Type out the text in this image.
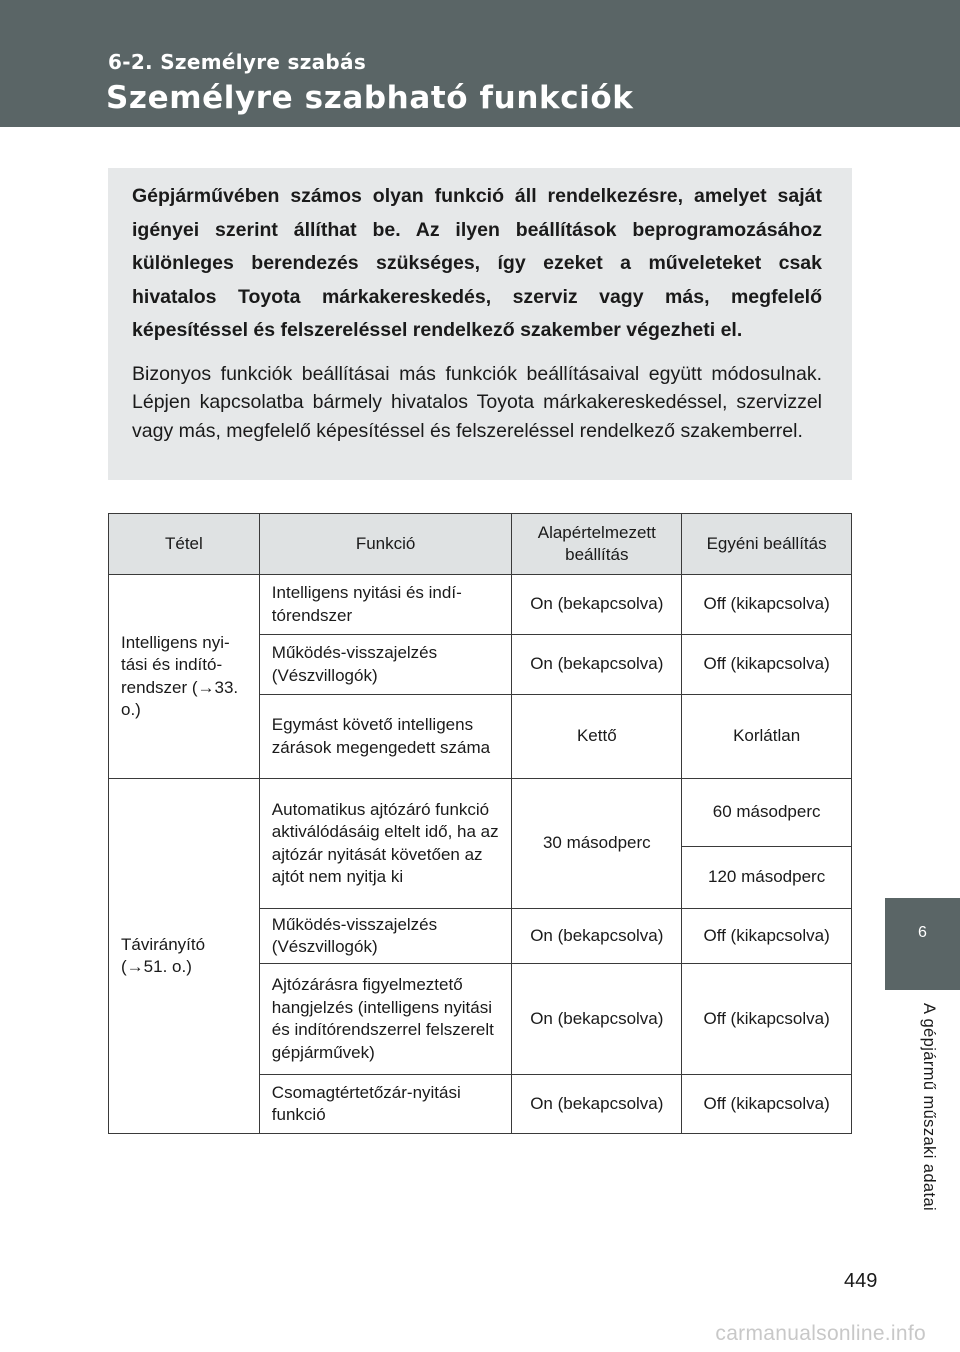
6-2. Személyre szabás
Személyre szabható funkciók

Gépjárművében számos olyan funkció áll rendelkezésre, amelyet saját igényei szerint állíthat be. Az ilyen beállítások beprogramozásához különleges berendezés szükséges, így ezeket a műveleteket csak hivatalos Toyota márkakereskedés, szerviz vagy más, megfelelő képesítéssel és felszereléssel rendelkező szakember végezheti el.

Bizonyos funkciók beállításai más funkciók beállításaival együtt módosulnak. Lépjen kapcsolatba bármely hivatalos Toyota márkakereskedéssel, szervizzel vagy más, megfelelő képesítéssel és felszereléssel rendelkező szakemberrel.

Tétel	Funkció	Alapértelmezett beállítás	Egyéni beállítás
Intelligens nyitási és indítórendszer (→33. o.)	Intelligens nyitási és indítórendszer	On (bekapcsolva)	Off (kikapcsolva)
	Működés-visszajelzés (Vészvillogók)	On (bekapcsolva)	Off (kikapcsolva)
	Egymást követő intelligens zárások megengedett száma	Kettő	Korlátlan
Távirányító (→51. o.)	Automatikus ajtózáró funkció aktiválódásáig eltelt idő, ha az ajtózár nyitását követően az ajtót nem nyitja ki	30 másodperc	60 másodperc
			120 másodperc
	Működés-visszajelzés (Vészvillogók)	On (bekapcsolva)	Off (kikapcsolva)
	Ajtózárásra figyelmeztető hangjelzés (intelligens nyitási és indítórendszerrel felszerelt gépjárművek)	On (bekapcsolva)	Off (kikapcsolva)
	Csomagtértetőzár-nyitási funkció	On (bekapcsolva)	Off (kikapcsolva)
6
A gépjármű műszaki adatai
449
carmanualsonline.info
